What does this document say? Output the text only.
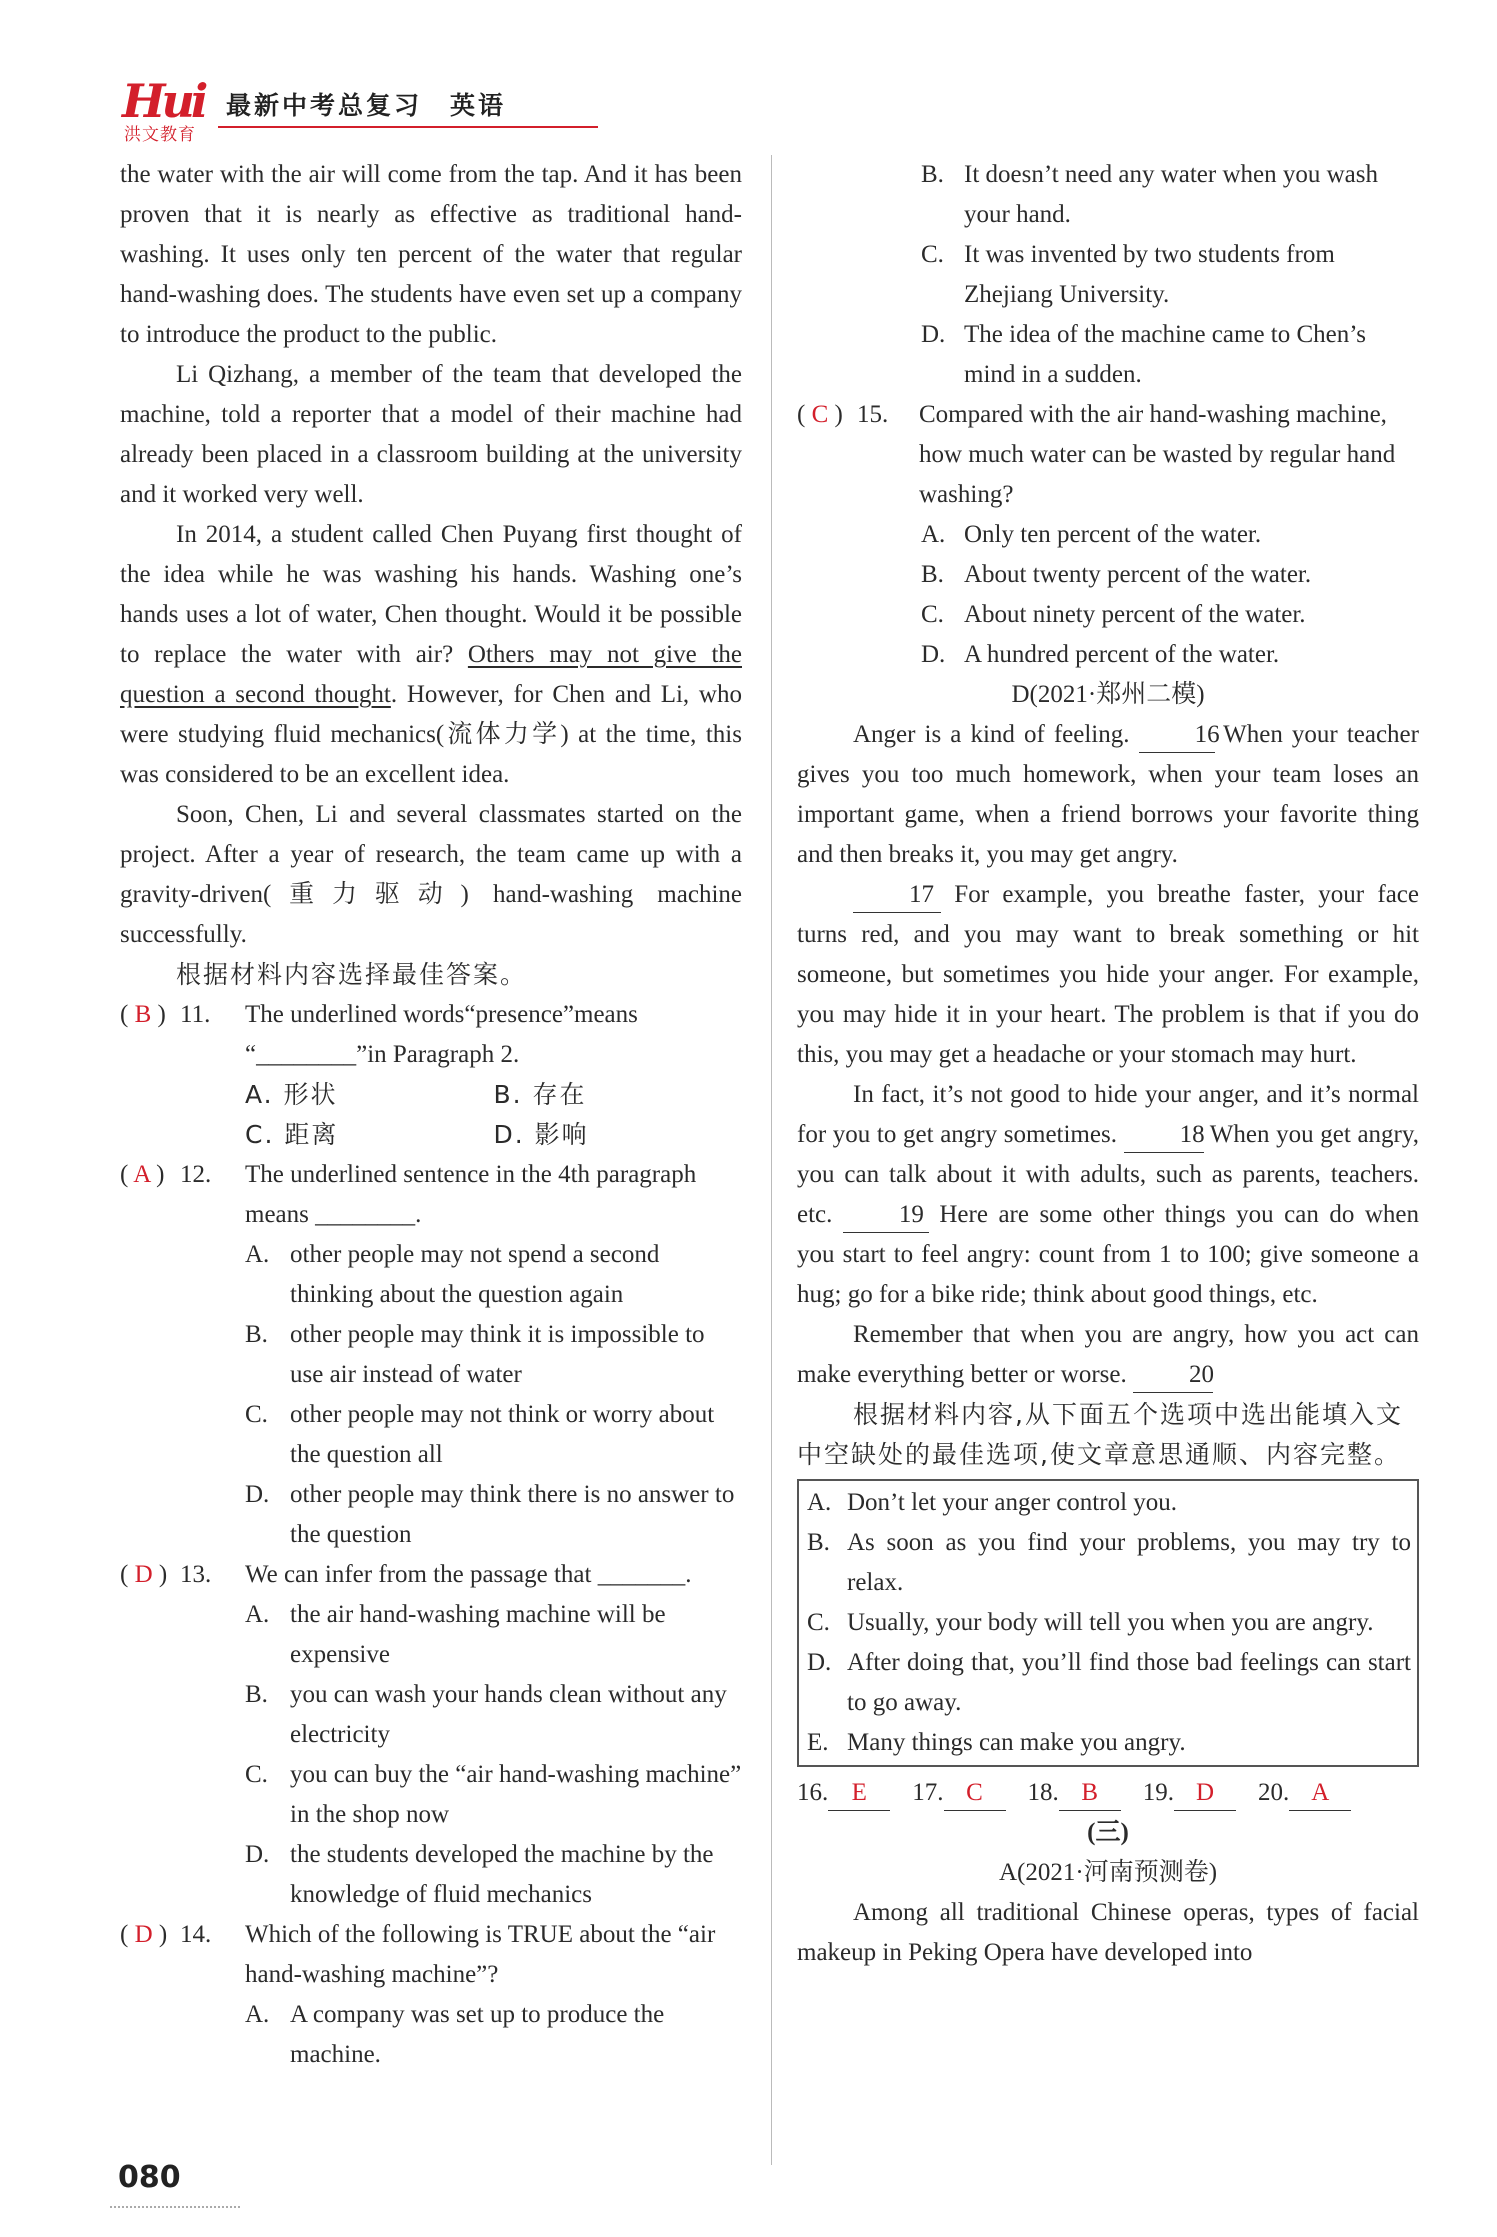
Hui
洪文教育
最新中考总复习　英语

the water with the air will come from the tap. And it has been proven that it is nearly as effective as traditional hand-washing. It uses only ten percent of the water that regular hand-washing does. The students have even set up a company to introduce the product to the public.

Li Qizhang, a member of the team that developed the machine, told a reporter that a model of their machine had already been placed in a classroom building at the university and it worked very well.

In 2014, a student called Chen Puyang first thought of the idea while he was washing his hands. Washing one’s hands uses a lot of water, Chen thought. Would it be possible to replace the water with air? Others may not give the question a second thought. However, for Chen and Li, who were studying fluid mechanics(流体力学) at the time, this was considered to be an excellent idea.

Soon, Chen, Li and several classmates started on the project. After a year of research, the team came up with a gravity-driven(重力驱动) hand-washing machine successfully.

根据材料内容选择最佳答案。

( B ) 11. The underlined words“presence”means “________”in Paragraph 2.
A. 形状	B. 存在
C. 距离	D. 影响
( A ) 12. The underlined sentence in the 4th paragraph means ________.
A. other people may not spend a second thinking about the question again
B. other people may think it is impossible to use air instead of water
C. other people may not think or worry about the question all
D. other people may think there is no answer to the question
( D ) 13. We can infer from the passage that _______.
A. the air hand-washing machine will be expensive
B. you can wash your hands clean without any electricity
C. you can buy the “air hand-washing machine” in the shop now
D. the students developed the machine by the knowledge of fluid mechanics
( D ) 14. Which of the following is TRUE about the “air hand-washing machine”?
A. A company was set up to produce the machine.
B. It doesn’t need any water when you wash your hand.
C. It was invented by two students from Zhejiang University.
D. The idea of the machine came to Chen’s mind in a sudden.
( C ) 15. Compared with the air hand-washing machine, how much water can be wasted by regular hand washing?
A. Only ten percent of the water.
B. About twenty percent of the water.
C. About ninety percent of the water.
D. A hundred percent of the water.

D(2021·郑州二模)

Anger is a kind of feeling. 16 When your teacher gives you too much homework, when your team loses an important game, when a friend borrows your favorite thing and then breaks it, you may get angry.

17 For example, you breathe faster, your face turns red, and you may want to break something or hit someone, but sometimes you hide your anger. For example, you may hide it in your heart. The problem is that if you do this, you may get a headache or your stomach may hurt.

In fact, it’s not good to hide your anger, and it’s normal for you to get angry sometimes. 18 When you get angry, you can talk about it with adults, such as parents, teachers. etc. 19 Here are some other things you can do when you start to feel angry: count from 1 to 100; give someone a hug; go for a bike ride; think about good things, etc.

Remember that when you are angry, how you act can make everything better or worse. 20

根据材料内容,从下面五个选项中选出能填入文中空缺处的最佳选项,使文章意思通顺、内容完整。

A. Don’t let your anger control you.

B. As soon as you find your problems, you may try to relax.

C. Usually, your body will tell you when you are angry.

D. After doing that, you’ll find those bad feelings can start to go away.

E. Many things can make you angry.

16. E	17. C	18. B	19. D	20. A

(三)

A(2021·河南预测卷)

Among all traditional Chinese operas, types of facial makeup in Peking Opera have developed into

080
